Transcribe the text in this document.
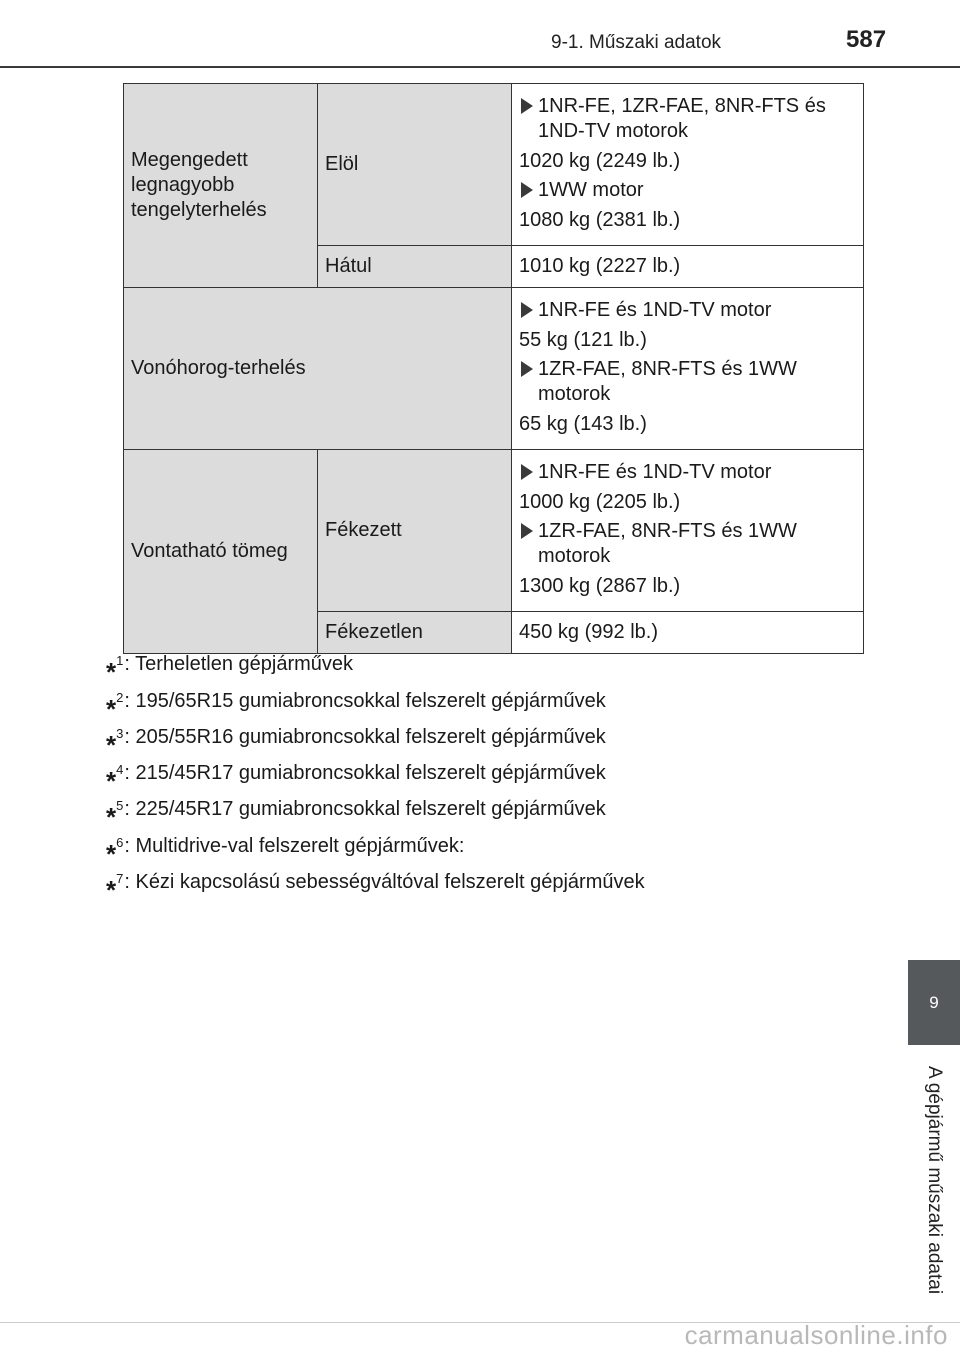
9-1. Műszaki adatok	587
Megengedett legnagyobb tengelyterhelés	Elöl	1NR-FE, 1ZR-FAE, 8NR-FTS és 1ND-TV motorok
1020 kg (2249 lb.)
1WW motor
1080 kg (2381 lb.)

	Hátul	1010 kg (2227 lb.)
Vonóhorog-terhelés		1NR-FE és 1ND-TV motor
55 kg (121 lb.)
1ZR-FAE, 8NR-FTS és 1WW motorok
65 kg (143 lb.)

Vontatható tömeg	Fékezett	1NR-FE és 1ND-TV motor
1000 kg (2205 lb.)
1ZR-FAE, 8NR-FTS és 1WW motorok
1300 kg (2867 lb.)

	Fékezetlen	450 kg (992 lb.)
* 1 : Terheletlen gépjárművek
* 2 : 195/65R15 gumiabroncsokkal felszerelt gépjárművek
* 3 : 205/55R16 gumiabroncsokkal felszerelt gépjárművek
* 4 : 215/45R17 gumiabroncsokkal felszerelt gépjárművek
* 5 : 225/45R17 gumiabroncsokkal felszerelt gépjárművek
* 6 : Multidrive-val felszerelt gépjárművek:
* 7 : Kézi kapcsolású sebességváltóval felszerelt gépjárművek
9
A gépjármű műszaki adatai
carmanualsonline.info
